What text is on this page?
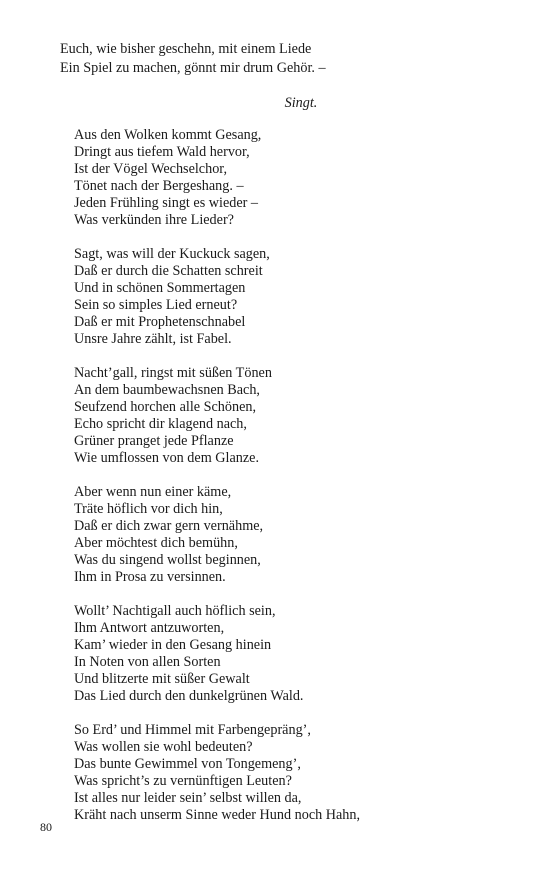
Euch, wie bisher geschehn, mit einem Liede
Ein Spiel zu machen, gönnt mir drum Gehör. –
Singt.
Aus den Wolken kommt Gesang,
Dringt aus tiefem Wald hervor,
Ist der Vögel Wechselchor,
Tönet nach der Bergeshang. –
Jeden Frühling singt es wieder –
Was verkünden ihre Lieder?
Sagt, was will der Kuckuck sagen,
Daß er durch die Schatten schreit
Und in schönen Sommertagen
Sein so simples Lied erneut?
Daß er mit Prophetenschnabel
Unsre Jahre zählt, ist Fabel.
Nacht’gall, ringst mit süßen Tönen
An dem baumbewachsnen Bach,
Seufzend horchen alle Schönen,
Echo spricht dir klagend nach,
Grüner pranget jede Pflanze
Wie umflossen von dem Glanze.
Aber wenn nun einer käme,
Träte höflich vor dich hin,
Daß er dich zwar gern vernähme,
Aber möchtest dich bemühn,
Was du singend wollst beginnen,
Ihm in Prosa zu versinnen.
Wollt’ Nachtigall auch höflich sein,
Ihm Antwort antzuworten,
Kam’ wieder in den Gesang hinein
In Noten von allen Sorten
Und blitzerte mit süßer Gewalt
Das Lied durch den dunkelgrünen Wald.
So Erd’ und Himmel mit Farbengepräng’,
Was wollen sie wohl bedeuten?
Das bunte Gewimmel von Tongemeng’,
Was spricht’s zu vernünftigen Leuten?
Ist alles nur leider sein’ selbst willen da,
Kräht nach unserm Sinne weder Hund noch Hahn,
80
